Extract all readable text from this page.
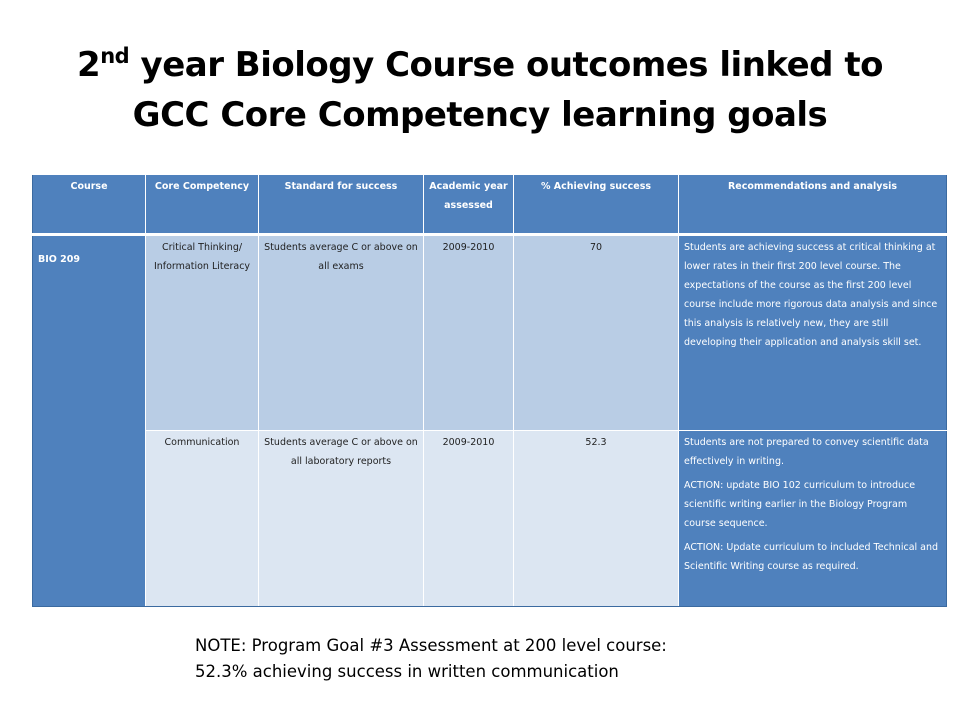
2nd year Biology Course outcomes linked to
GCC Core Competency learning goals
Course	Core Competency	Standard for success	Academic year assessed	% Achieving success	Recommendations and analysis
BIO 209	Critical Thinking/ Information Literacy	Students average C or above on all exams	2009-2010	70	Students are achieving success at critical thinking at lower rates in their first 200 level course. The expectations of the course as the first 200 level course include more rigorous data analysis and since this analysis is relatively new, they are still developing their application and analysis skill set.

	Communication	Students average C or above on all laboratory reports	2009-2010	52.3	Students are not prepared to convey scientific data effectively in writing.

ACTION: update BIO 102 curriculum to introduce scientific writing earlier in the Biology Program course sequence.

ACTION: Update curriculum to included Technical and Scientific Writing course as required.

NOTE: Program Goal #3 Assessment at 200 level course:
52.3% achieving success in written communication
